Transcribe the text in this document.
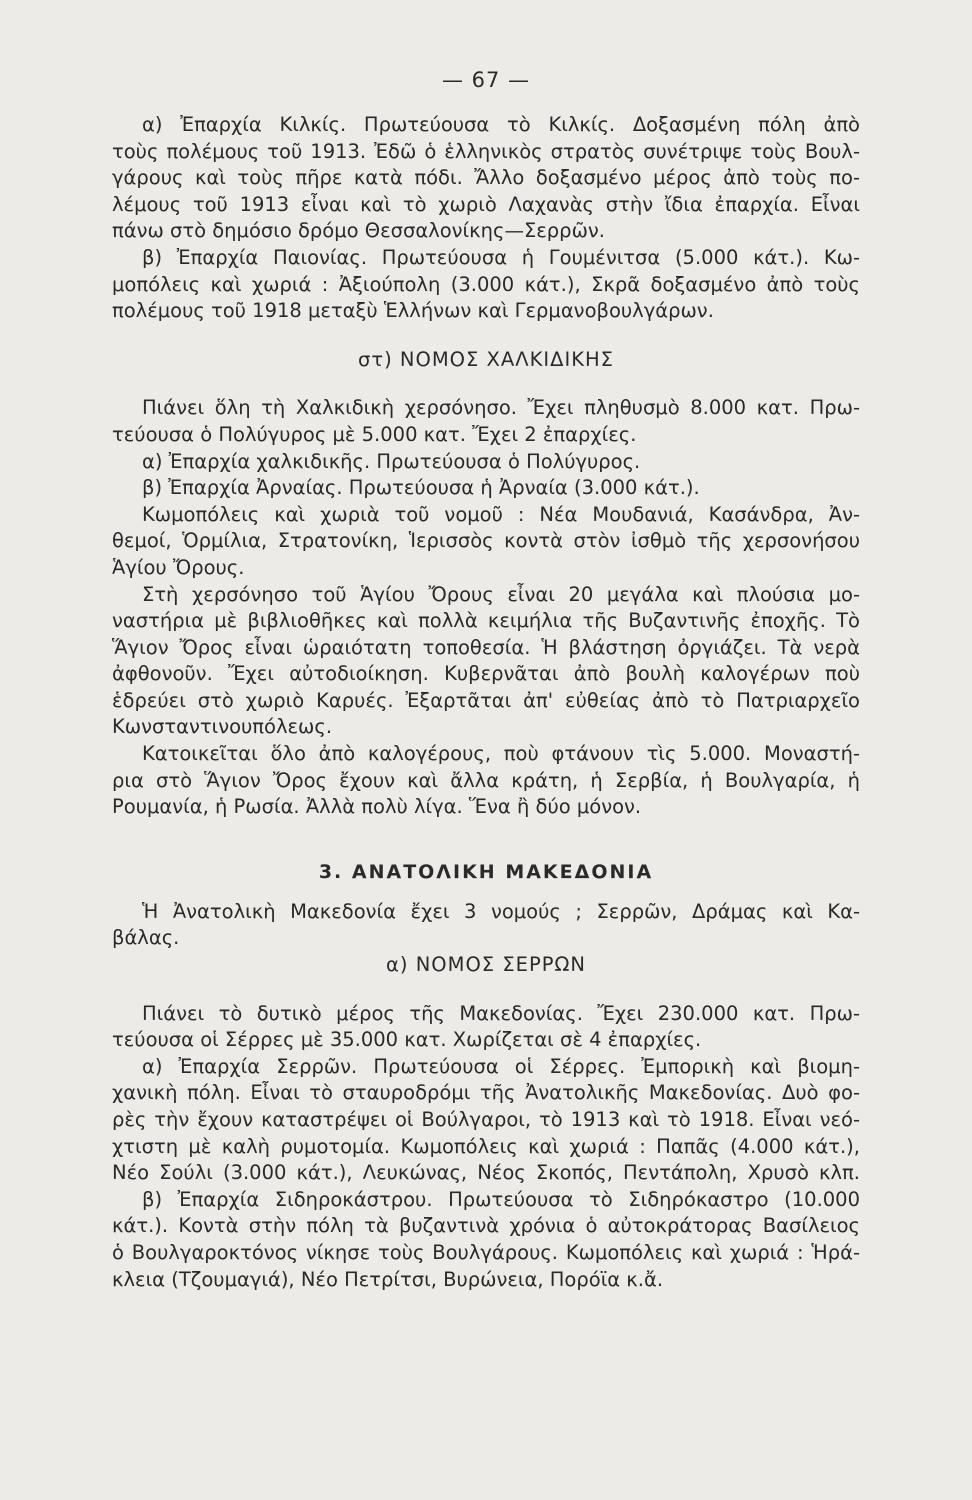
— 67 —

α) Ἐπαρχία Κιλκίς. Πρωτεύουσα τὸ Κιλκίς. Δοξασμένη πόλη ἀπὸ

τοὺς πολέμους τοῦ 1913. Ἐδῶ ὁ ἑλληνικὸς στρατὸς συνέτριψε τοὺς Βουλ-

γάρους καὶ τοὺς πῆρε κατὰ πόδι. Ἄλλο δοξασμένο μέρος ἀπὸ τοὺς πο-

λέμους τοῦ 1913 εἶναι καὶ τὸ χωριὸ Λαχανὰς στὴν ἴδια ἐπαρχία. Εἶναι

πάνω στὸ δημόσιο δρόμο Θεσσαλονίκης—Σερρῶν.

β) Ἐπαρχία Παιονίας. Πρωτεύουσα ἡ Γουμένιτσα (5.000 κάτ.). Κω-

μοπόλεις καὶ χωριά : Ἀξιούπολη (3.000 κάτ.), Σκρᾶ δοξασμένο ἀπὸ τοὺς

πολέμους τοῦ 1918 μεταξὺ Ἑλλήνων καὶ Γερμανοβουλγάρων.

στ) ΝΟΜΟΣ ΧΑΛΚΙΔΙΚΗΣ

Πιάνει ὅλη τὴ Χαλκιδικὴ χερσόνησο. Ἔχει πληθυσμὸ 8.000 κατ. Πρω-

τεύουσα ὁ Πολύγυρος μὲ 5.000 κατ. Ἔχει 2 ἐπαρχίες.

α) Ἐπαρχία χαλκιδικῆς. Πρωτεύουσα ὁ Πολύγυρος.

β) Ἐπαρχία Ἀρναίας. Πρωτεύουσα ἡ Ἀρναία (3.000 κάτ.).

Κωμοπόλεις καὶ χωριὰ τοῦ νομοῦ : Νέα Μουδανιά, Κασάνδρα, Ἀν-

θεμοί, Ὁρμίλια, Στρατονίκη, Ἱερισσὸς κοντὰ στὸν ἰσθμὸ τῆς χερσονήσου

Ἁγίου Ὄρους.

Στὴ χερσόνησο τοῦ Ἁγίου Ὄρους εἶναι 20 μεγάλα καὶ πλούσια μο-

ναστήρια μὲ βιβλιοθῆκες καὶ πολλὰ κειμήλια τῆς Βυζαντινῆς ἐποχῆς. Τὸ

Ἅγιον Ὄρος εἶναι ὡραιότατη τοποθεσία. Ἡ βλάστηση ὀργιάζει. Τὰ νερὰ

ἀφθονοῦν. Ἔχει αὐτοδιοίκηση. Κυβερνᾶται ἀπὸ βουλὴ καλογέρων ποὺ

ἑδρεύει στὸ χωριὸ Καρυές. Ἐξαρτᾶται ἀπ' εὐθείας ἀπὸ τὸ Πατριαρχεῖο

Κωνσταντινουπόλεως.

Κατοικεῖται ὅλο ἀπὸ καλογέρους, ποὺ φτάνουν τὶς 5.000. Μοναστή-

ρια στὸ Ἅγιον Ὄρος ἔχουν καὶ ἄλλα κράτη, ἡ Σερβία, ἡ Βουλγαρία, ἡ

Ρουμανία, ἡ Ρωσία. Ἀλλὰ πολὺ λίγα. Ἕνα ἢ δύο μόνον.

3. ΑΝΑΤΟΛΙΚΗ ΜΑΚΕΔΟΝΙΑ

Ἡ Ἀνατολικὴ Μακεδονία ἔχει 3 νομούς ; Σερρῶν, Δράμας καὶ Κα-

βάλας.

α) ΝΟΜΟΣ ΣΕΡΡΩΝ

Πιάνει τὸ δυτικὸ μέρος τῆς Μακεδονίας. Ἔχει 230.000 κατ. Πρω-

τεύουσα οἱ Σέρρες μὲ 35.000 κατ. Χωρίζεται σὲ 4 ἐπαρχίες.

α) Ἐπαρχία Σερρῶν. Πρωτεύουσα οἱ Σέρρες. Ἐμπορικὴ καὶ βιομη-

χανικὴ πόλη. Εἶναι τὸ σταυροδρόμι τῆς Ἀνατολικῆς Μακεδονίας. Δυὸ φο-

ρὲς τὴν ἔχουν καταστρέψει οἱ Βούλγαροι, τὸ 1913 καὶ τὸ 1918. Εἶναι νεό-

χτιστη μὲ καλὴ ρυμοτομία. Κωμοπόλεις καὶ χωριά : Παπᾶς (4.000 κάτ.),

Νέο Σούλι (3.000 κάτ.), Λευκώνας, Νέος Σκοπός, Πεντάπολη, Χρυσὸ κλπ.

β) Ἐπαρχία Σιδηροκάστρου. Πρωτεύουσα τὸ Σιδηρόκαστρο (10.000

κάτ.). Κοντὰ στὴν πόλη τὰ βυζαντινὰ χρόνια ὁ αὐτοκράτορας Βασίλειος

ὁ Βουλγαροκτόνος νίκησε τοὺς Βουλγάρους. Κωμοπόλεις καὶ χωριά : Ἡρά-

κλεια (Τζουμαγιά), Νέο Πετρίτσι, Βυρώνεια, Πορόϊα κ.ἄ.
